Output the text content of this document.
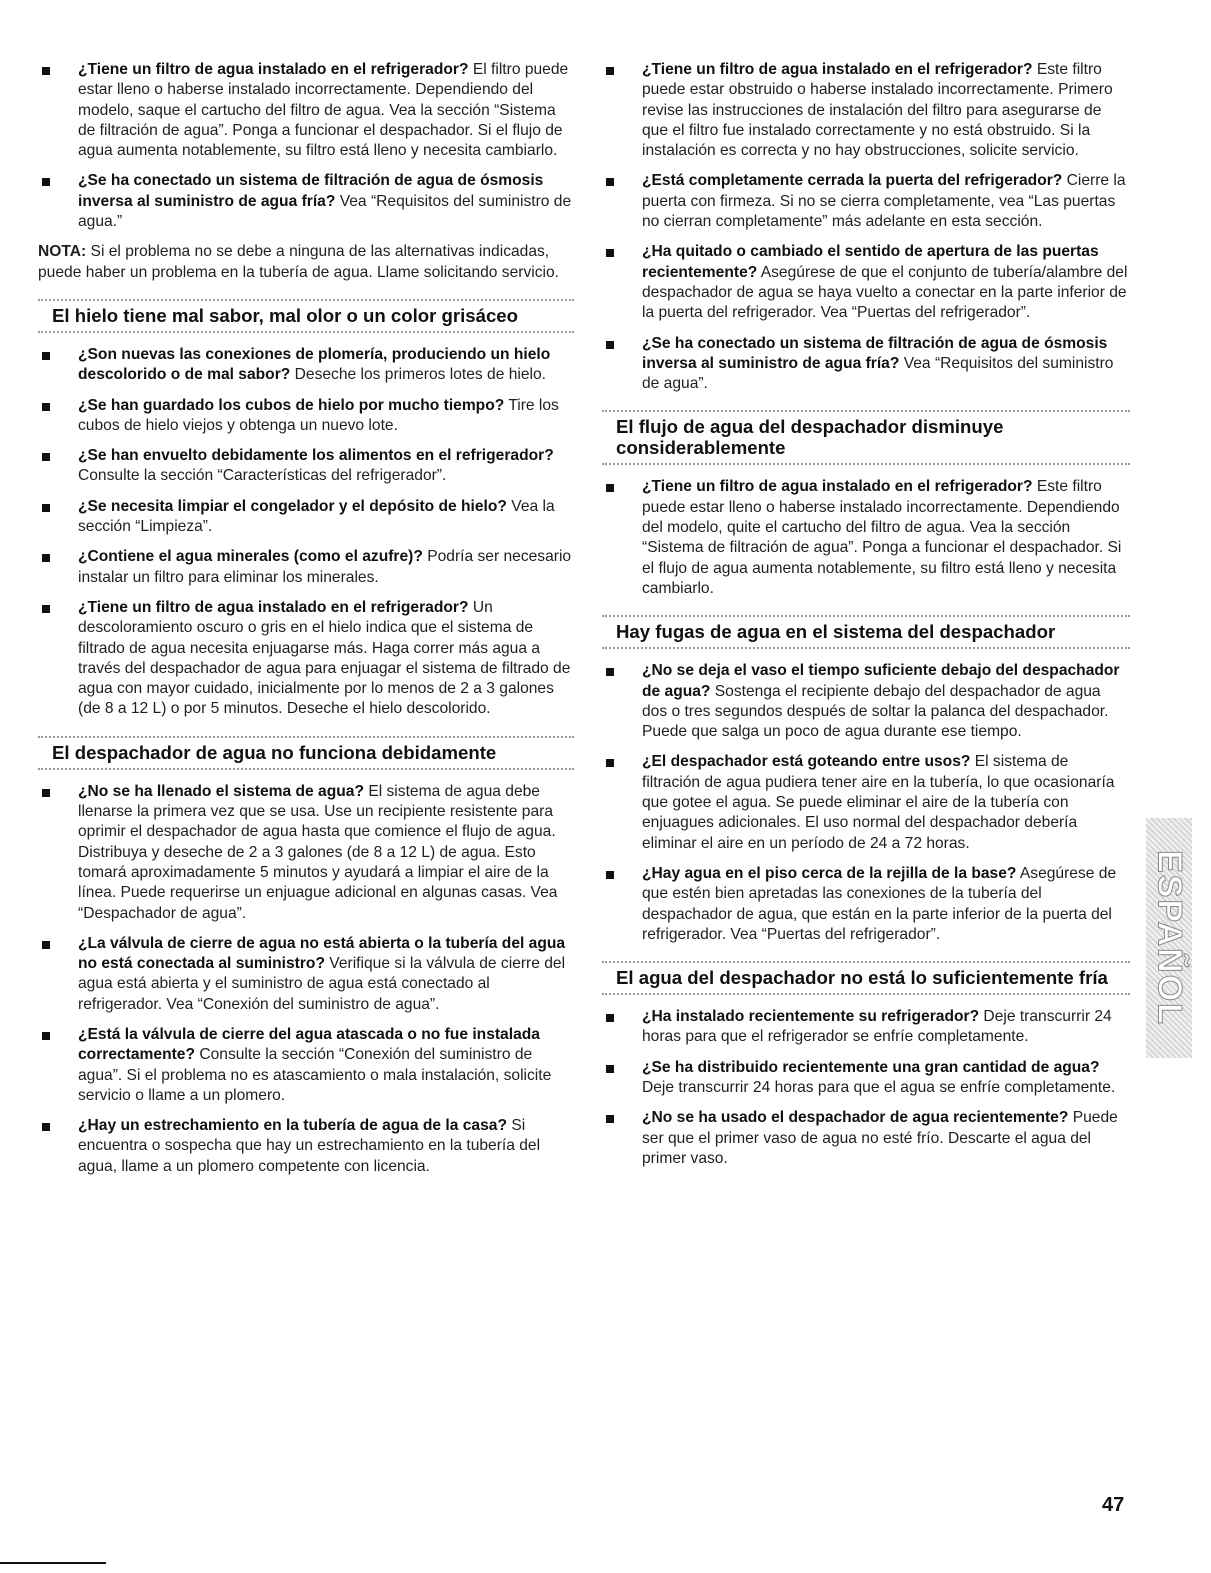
¿Tiene un filtro de agua instalado en el refrigerador? El filtro puede estar lleno o haberse instalado incorrectamente. Dependiendo del modelo, saque el cartucho del filtro de agua. Vea la sección “Sistema de filtración de agua”. Ponga a funcionar el despachador. Si el flujo de agua aumenta notablemente, su filtro está lleno y necesita cambiarlo.
¿Se ha conectado un sistema de filtración de agua de ósmosis inversa al suministro de agua fría? Vea “Requisitos del suministro de agua.”
NOTA: Si el problema no se debe a ninguna de las alternativas indicadas, puede haber un problema en la tubería de agua. Llame solicitando servicio.
El hielo tiene mal sabor, mal olor o un color grisáceo
¿Son nuevas las conexiones de plomería, produciendo un hielo descolorido o de mal sabor? Deseche los primeros lotes de hielo.
¿Se han guardado los cubos de hielo por mucho tiempo? Tire los cubos de hielo viejos y obtenga un nuevo lote.
¿Se han envuelto debidamente los alimentos en el refrigerador? Consulte la sección “Características del refrigerador”.
¿Se necesita limpiar el congelador y el depósito de hielo? Vea la sección “Limpieza”.
¿Contiene el agua minerales (como el azufre)? Podría ser necesario instalar un filtro para eliminar los minerales.
¿Tiene un filtro de agua instalado en el refrigerador? Un descoloramiento oscuro o gris en el hielo indica que el sistema de filtrado de agua necesita enjuagarse más. Haga correr más agua a través del despachador de agua para enjuagar el sistema de filtrado de agua con mayor cuidado, inicialmente por lo menos de 2 a 3 galones (de 8 a 12 L) o por 5 minutos. Deseche el hielo descolorido.
El despachador de agua no funciona debidamente
¿No se ha llenado el sistema de agua? El sistema de agua debe llenarse la primera vez que se usa. Use un recipiente resistente para oprimir el despachador de agua hasta que comience el flujo de agua. Distribuya y deseche de 2 a 3 galones (de 8 a 12 L) de agua. Esto tomará aproximadamente 5 minutos y ayudará a limpiar el aire de la línea. Puede requerirse un enjuague adicional en algunas casas. Vea “Despachador de agua”.
¿La válvula de cierre de agua no está abierta o la tubería del agua no está conectada al suministro? Verifique si la válvula de cierre del agua está abierta y el suministro de agua está conectado al refrigerador. Vea “Conexión del suministro de agua”.
¿Está la válvula de cierre del agua atascada o no fue instalada correctamente? Consulte la sección “Conexión del suministro de agua”. Si el problema no es atascamiento o mala instalación, solicite servicio o llame a un plomero.
¿Hay un estrechamiento en la tubería de agua de la casa? Si encuentra o sospecha que hay un estrechamiento en la tubería del agua, llame a un plomero competente con licencia.
¿Tiene un filtro de agua instalado en el refrigerador? Este filtro puede estar obstruido o haberse instalado incorrectamente. Primero revise las instrucciones de instalación del filtro para asegurarse de que el filtro fue instalado correctamente y no está obstruido. Si la instalación es correcta y no hay obstrucciones, solicite servicio.
¿Está completamente cerrada la puerta del refrigerador? Cierre la puerta con firmeza. Si no se cierra completamente, vea “Las puertas no cierran completamente” más adelante en esta sección.
¿Ha quitado o cambiado el sentido de apertura de las puertas recientemente? Asegúrese de que el conjunto de tubería/alambre del despachador de agua se haya vuelto a conectar en la parte inferior de la puerta del refrigerador. Vea “Puertas del refrigerador”.
¿Se ha conectado un sistema de filtración de agua de ósmosis inversa al suministro de agua fría? Vea “Requisitos del suministro de agua”.
El flujo de agua del despachador disminuye considerablemente
¿Tiene un filtro de agua instalado en el refrigerador? Este filtro puede estar lleno o haberse instalado incorrectamente. Dependiendo del modelo, quite el cartucho del filtro de agua. Vea la sección “Sistema de filtración de agua”. Ponga a funcionar el despachador. Si el flujo de agua aumenta notablemente, su filtro está lleno y necesita cambiarlo.
Hay fugas de agua en el sistema del despachador
¿No se deja el vaso el tiempo suficiente debajo del despachador de agua? Sostenga el recipiente debajo del despachador de agua dos o tres segundos después de soltar la palanca del despachador. Puede que salga un poco de agua durante ese tiempo.
¿El despachador está goteando entre usos? El sistema de filtración de agua pudiera tener aire en la tubería, lo que ocasionaría que gotee el agua. Se puede eliminar el aire de la tubería con enjuagues adicionales. El uso normal del despachador debería eliminar el aire en un período de 24 a 72 horas.
¿Hay agua en el piso cerca de la rejilla de la base? Asegúrese de que estén bien apretadas las conexiones de la tubería del despachador de agua, que están en la parte inferior de la puerta del refrigerador. Vea “Puertas del refrigerador”.
El agua del despachador no está lo suficientemente fría
¿Ha instalado recientemente su refrigerador? Deje transcurrir 24 horas para que el refrigerador se enfríe completamente.
¿Se ha distribuido recientemente una gran cantidad de agua? Deje transcurrir 24 horas para que el agua se enfríe completamente.
¿No se ha usado el despachador de agua recientemente? Puede ser que el primer vaso de agua no esté frío. Descarte el agua del primer vaso.
ESPAÑOL
47
